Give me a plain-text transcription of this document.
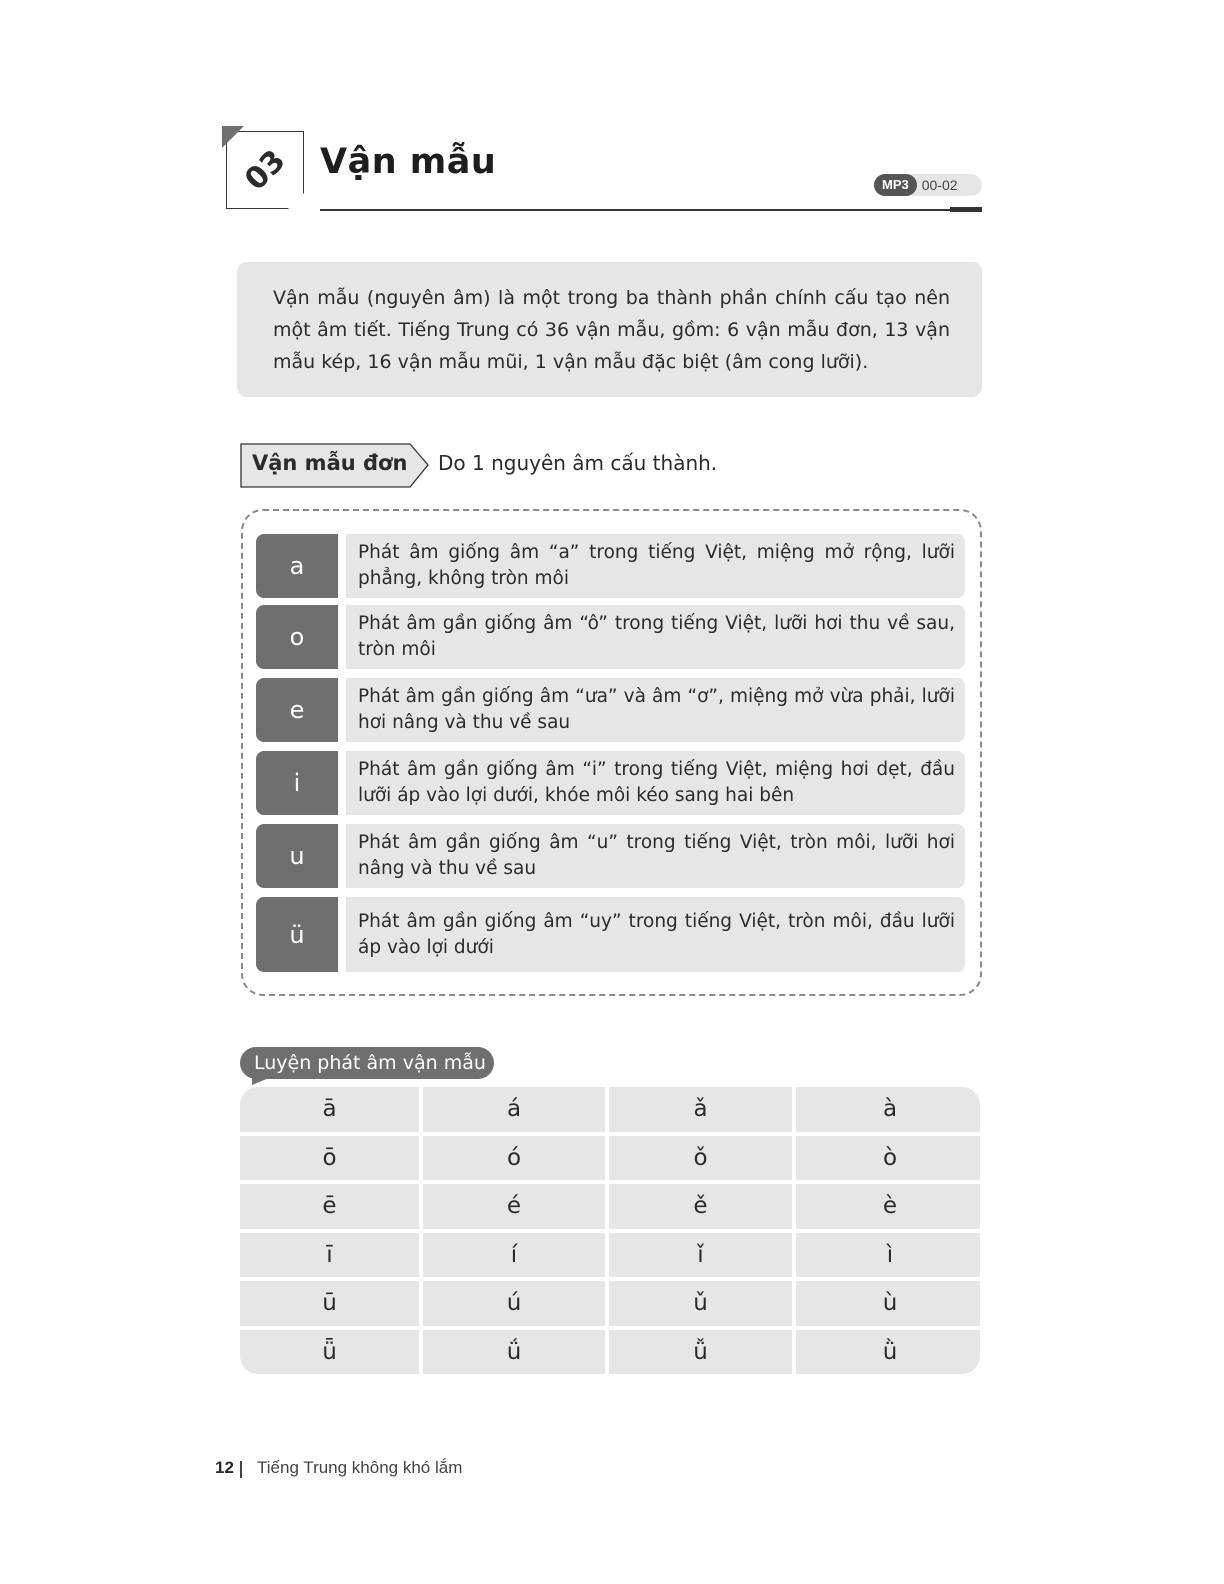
03 Vận mẫu
MP3 00-02
Vận mẫu (nguyên âm) là một trong ba thành phần chính cấu tạo nên một âm tiết. Tiếng Trung có 36 vận mẫu, gồm: 6 vận mẫu đơn, 13 vận mẫu kép, 16 vận mẫu mũi, 1 vận mẫu đặc biệt (âm cong lưỡi).
Vận mẫu đơn Do 1 nguyên âm cấu thành.
a	Phát âm giống âm “a” trong tiếng Việt, miệng mở rộng, lưỡi phẳng, không tròn môi
o	Phát âm gần giống âm “ô” trong tiếng Việt, lưỡi hơi thu về sau, tròn môi
e	Phát âm gần giống âm “ưa” và âm “ơ”, miệng mở vừa phải, lưỡi hơi nâng và thu về sau
i	Phát âm gần giống âm “i” trong tiếng Việt, miệng hơi dẹt, đầu lưỡi áp vào lợi dưới, khóe môi kéo sang hai bên
u	Phát âm gần giống âm “u” trong tiếng Việt, tròn môi, lưỡi hơi nâng và thu về sau
ü	Phát âm gần giống âm “uy” trong tiếng Việt, tròn môi, đầu lưỡi áp vào lợi dưới
Luyện phát âm vận mẫu
ā	á	ǎ	à
ō	ó	ǒ	ò
ē	é	ě	è
ī	í	ǐ	ì
ū	ú	ǔ	ù
ǖ	ǘ	ǚ	ǜ
12 Tiếng Trung không khó lắm
